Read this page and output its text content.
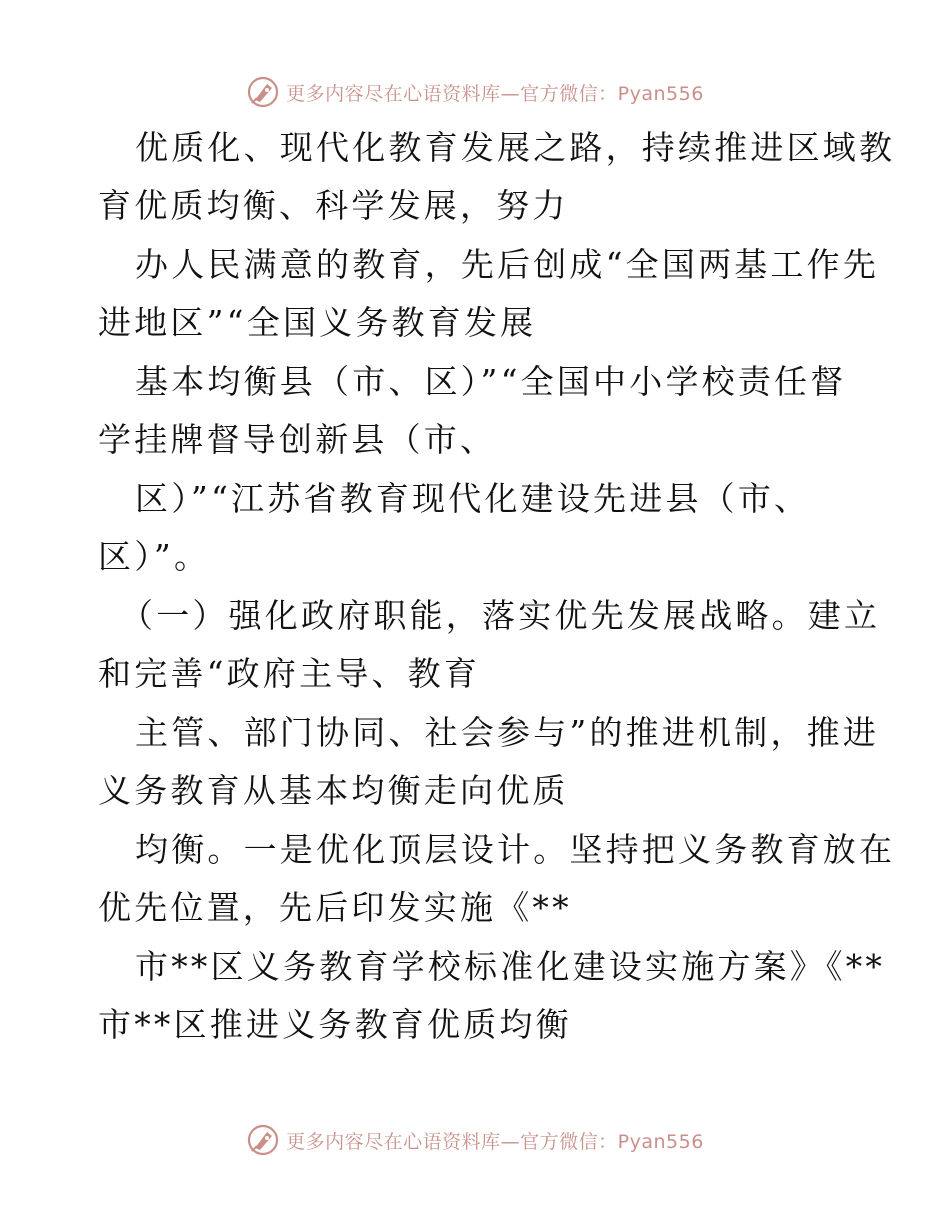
更多内容尽在心语资料库—官方微信：Pyan556
优质化、现代化教育发展之路，持续推进区域教
育优质均衡、科学发展，努力
办人民满意的教育，先后创成“全国两基工作先
进地区”“全国义务教育发展
基本均衡县（市、区）”“全国中小学校责任督
学挂牌督导创新县（市、
区）”“江苏省教育现代化建设先进县（市、
区）”。
（一）强化政府职能，落实优先发展战略。建立
和完善“政府主导、教育
主管、部门协同、社会参与”的推进机制，推进
义务教育从基本均衡走向优质
均衡。一是优化顶层设计。坚持把义务教育放在
优先位置，先后印发实施《**
市**区义务教育学校标准化建设实施方案》《**
市**区推进义务教育优质均衡
更多内容尽在心语资料库—官方微信：Pyan556
